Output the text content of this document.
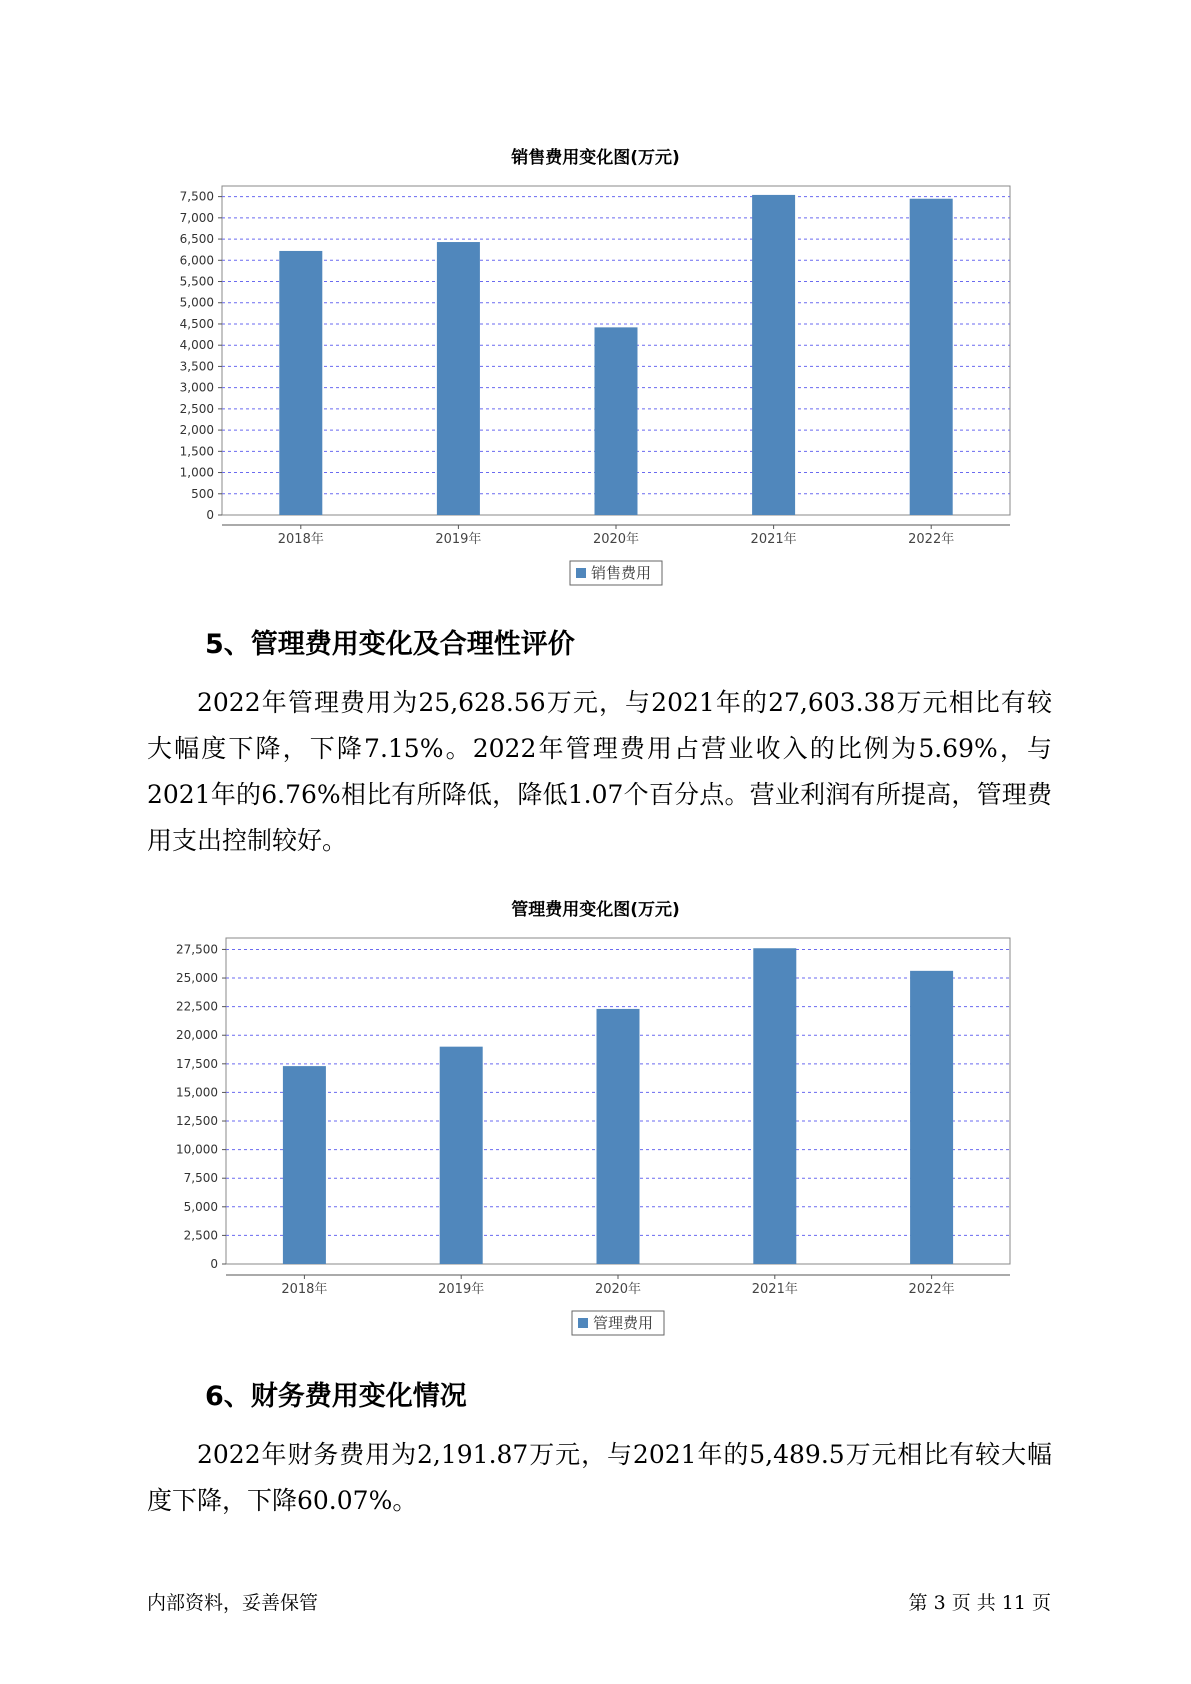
销售费用变化图(万元)
0
500
1,000
1,500
2,000
2,500
3,000
3,500
4,000
4,500
5,000
5,500
6,000
6,500
7,000
7,500
2018年	2019年	2020年	2021年	2022年
销售费用
5、管理费用变化及合理性评价

2022年管理费用为25,628.56万元，与2021年的27,603.38万元相比有较大幅度下降，下降7.15%。2022年管理费用占营业收入的比例为5.69%，与2021年的6.76%相比有所降低，降低1.07个百分点。营业利润有所提高，管理费用支出控制较好。

管理费用变化图(万元)
0
2,500
5,000
7,500
10,000
12,500
15,000
17,500
20,000
22,500
25,000
27,500
2018年	2019年	2020年	2021年	2022年
管理费用
6、财务费用变化情况

2022年财务费用为2,191.87万元，与2021年的5,489.5万元相比有较大幅度下降，下降60.07%。

内部资料，妥善保管	第 3 页 共 11 页
